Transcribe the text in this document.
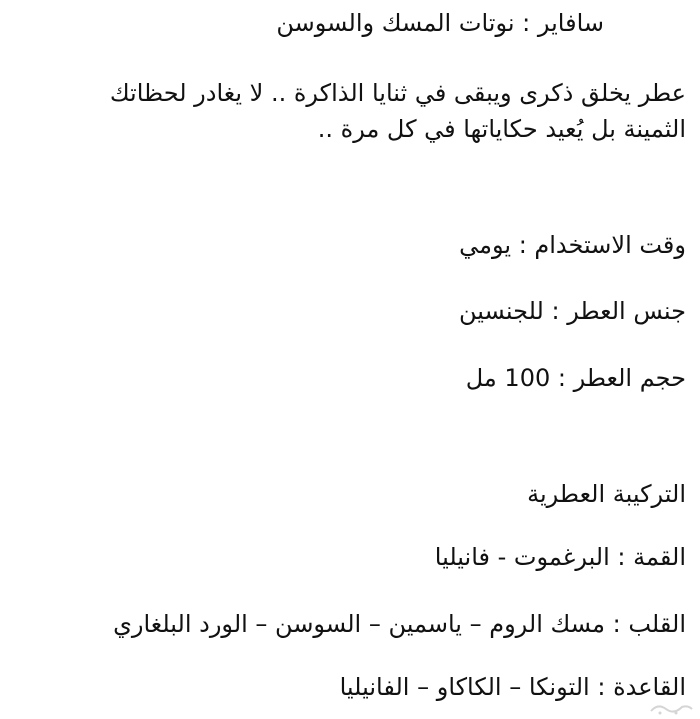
سافاير : نوتات المسك والسوسن
عطر يخلق ذكرى ويبقى في ثنايا الذاكرة .. لا يغادر لحظاتك
الثمينة بل يُعيد حكاياتها في كل مرة ..
وقت الاستخدام : يومي
جنس العطر : للجنسين
حجم العطر : 100 مل
التركيبة العطرية
القمة : البرغموت - فانيليا
القلب : مسك الروم – ياسمين – السوسن – الورد البلغاري
القاعدة : التونكا – الكاكاو – الفانيليا
